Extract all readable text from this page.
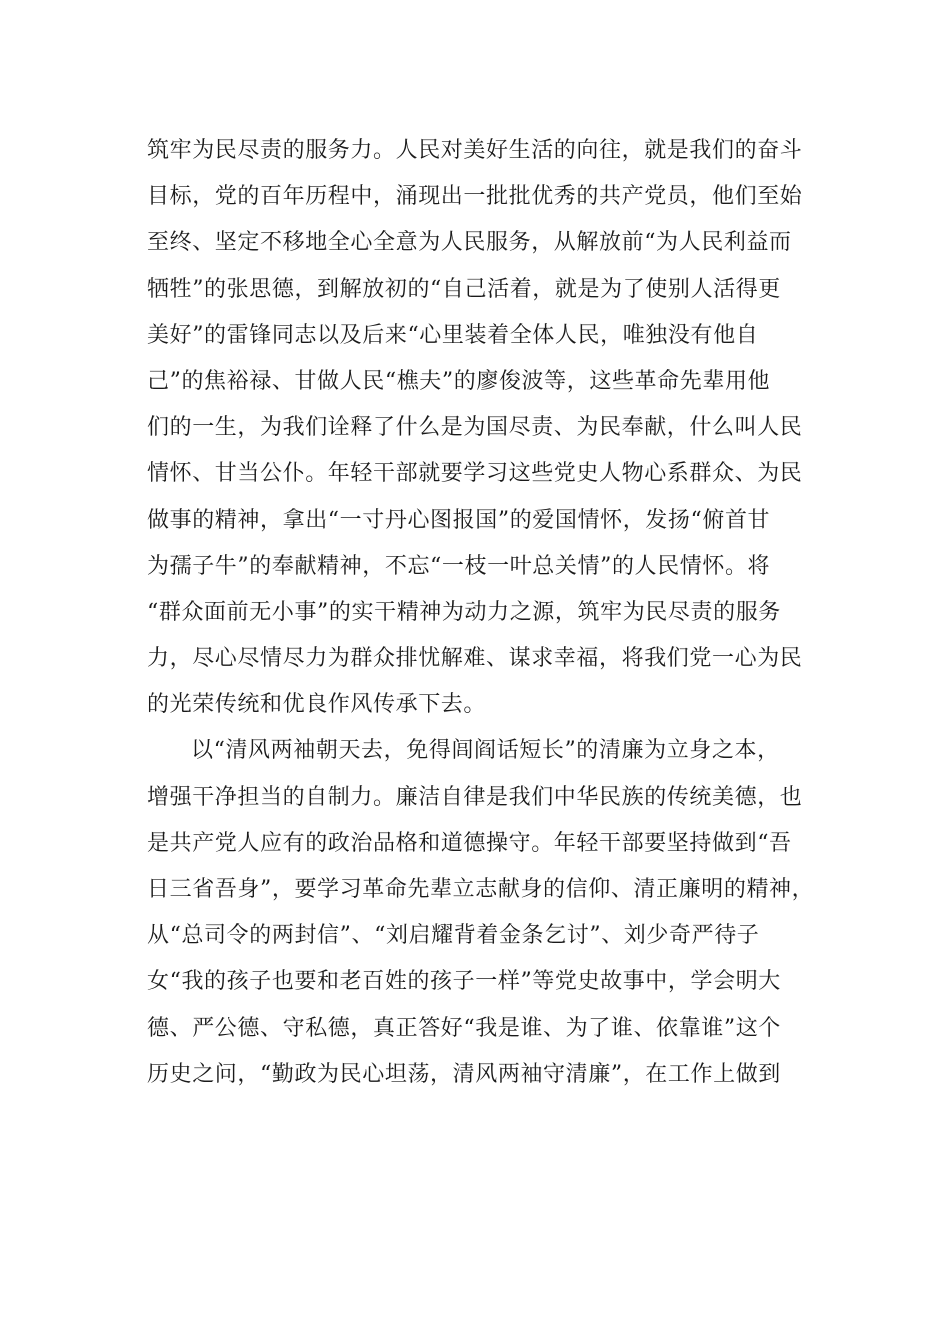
筑牢为民尽责的服务力。人民对美好生活的向往，就是我们的奋斗
目标，党的百年历程中，涌现出一批批优秀的共产党员，他们至始
至终、坚定不移地全心全意为人民服务，从解放前“为人民利益而
牺牲”的张思德，到解放初的“自己活着，就是为了使别人活得更
美好”的雷锋同志以及后来“心里装着全体人民，唯独没有他自
己”的焦裕禄、甘做人民“樵夫”的廖俊波等，这些革命先辈用他
们的一生，为我们诠释了什么是为国尽责、为民奉献，什么叫人民
情怀、甘当公仆。年轻干部就要学习这些党史人物心系群众、为民
做事的精神，拿出“一寸丹心图报国”的爱国情怀，发扬“俯首甘
为孺子牛”的奉献精神，不忘“一枝一叶总关情”的人民情怀。将
“群众面前无小事”的实干精神为动力之源，筑牢为民尽责的服务
力，尽心尽情尽力为群众排忧解难、谋求幸福，将我们党一心为民
的光荣传统和优良作风传承下去。
以“清风两袖朝天去，免得闾阎话短长”的清廉为立身之本，
增强干净担当的自制力。廉洁自律是我们中华民族的传统美德，也
是共产党人应有的政治品格和道德操守。年轻干部要坚持做到“吾
日三省吾身”，要学习革命先辈立志献身的信仰、清正廉明的精神，
从“总司令的两封信”、“刘启耀背着金条乞讨”、刘少奇严待子
女“我的孩子也要和老百姓的孩子一样”等党史故事中，学会明大
德、严公德、守私德，真正答好“我是谁、为了谁、依靠谁”这个
历史之问，“勤政为民心坦荡，清风两袖守清廉”，在工作上做到
